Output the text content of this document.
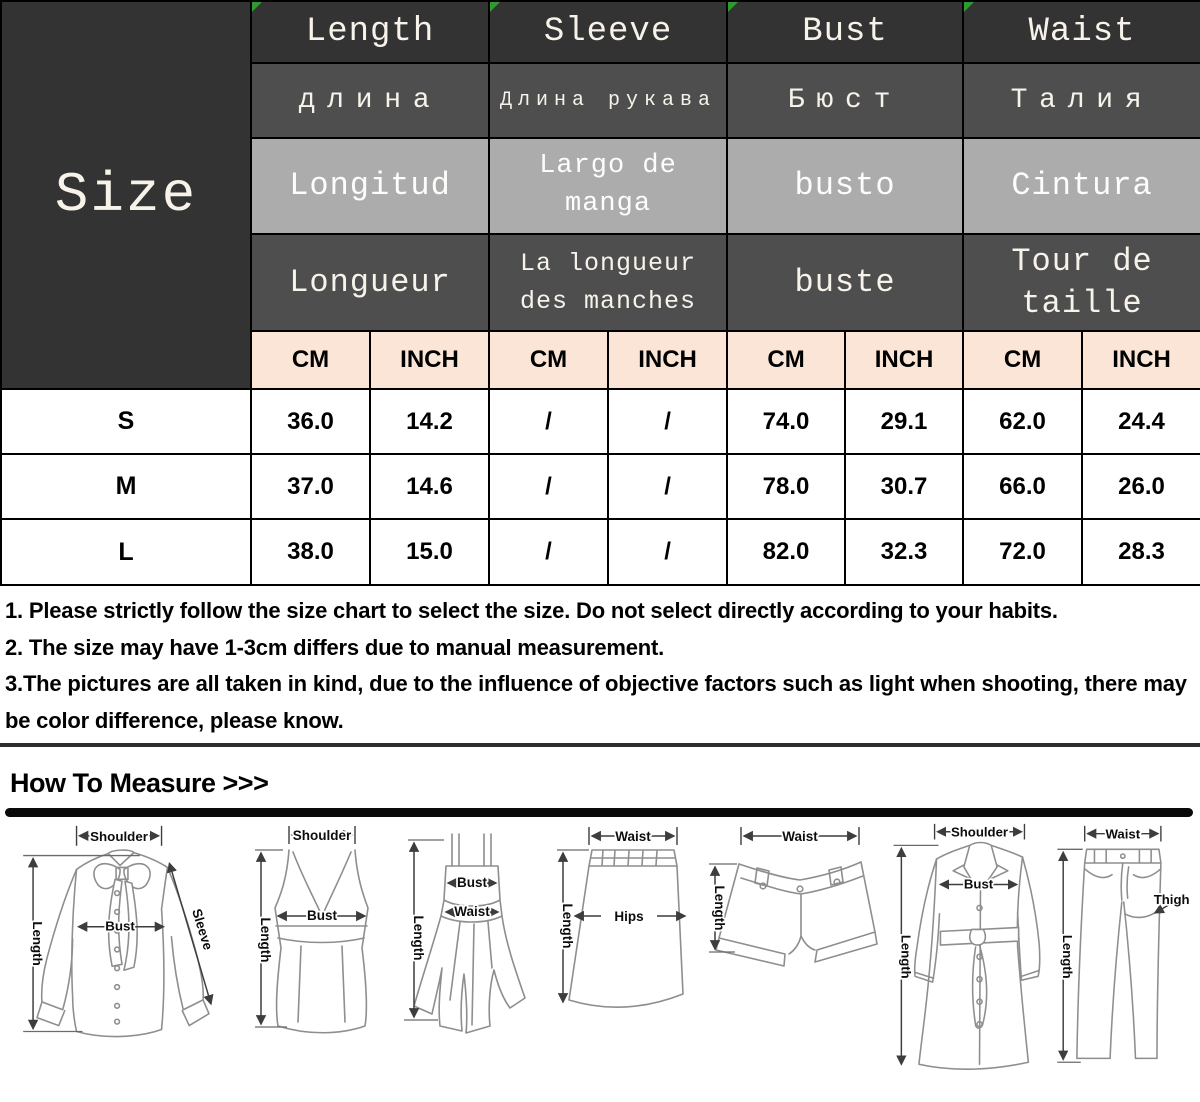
Size	Length		Sleeve		Bust		Waist	
	длина		Длина рукава		Бюст		Талия	
	Longitud		Largo de manga		busto		Cintura	
	Longueur		La longueur des manches		buste		Tour de taille	
	CM	INCH	CM	INCH	CM	INCH	CM	INCH
S	36.0	14.2	/	/	74.0	29.1	62.0	24.4
M	37.0	14.6	/	/	78.0	30.7	66.0	26.0
L	38.0	15.0	/	/	82.0	32.3	72.0	28.3

1. Please strictly follow the size chart to select the size. Do not select directly according to your habits.

2. The size may have 1-3cm differs due to manual measurement.

3.The pictures are all taken in kind, due to the influence of objective factors such as light when shooting, there may be color difference, please know.

How To Measure >>>
Shoulder
Length	Bust	Sleeve
Shoulder
Length
Bust	Length
Bust
Waist
Waist
Length	Hips
Waist
Length
Shoulder
Length
Bust
Waist
Length
Thigh
